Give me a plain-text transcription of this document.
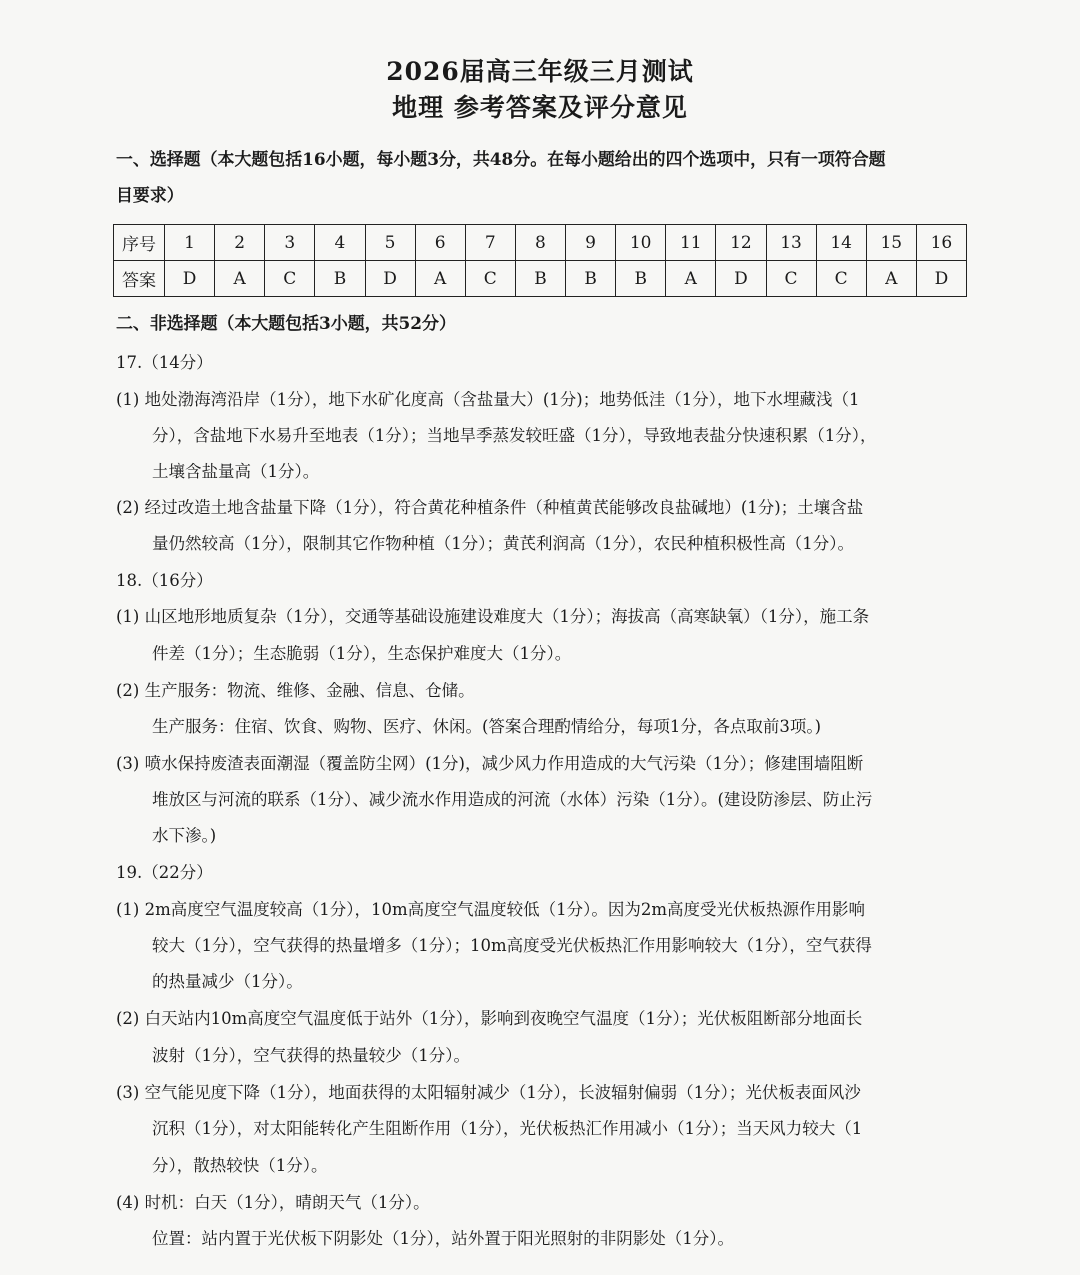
2026届高三年级三月测试
地理 参考答案及评分意见
一、选择题（本大题包括16小题，每小题3分，共48分。在每小题给出的四个选项中，只有一项符合题
目要求）
序号	1	2	3	4	5	6	7	8	9	10	11	12	13	14	15	16
答案	D	A	C	B	D	A	C	B	B	B	A	D	C	C	A	D
二、非选择题（本大题包括3小题，共52分）
17.（14分）
(1) 地处渤海湾沿岸（1分），地下水矿化度高（含盐量大）(1分)；地势低洼（1分），地下水埋藏浅（1
分），含盐地下水易升至地表（1分）；当地旱季蒸发较旺盛（1分），导致地表盐分快速积累（1分），
土壤含盐量高（1分）。
(2) 经过改造土地含盐量下降（1分），符合黄花种植条件（种植黄芪能够改良盐碱地）(1分)；土壤含盐
量仍然较高（1分），限制其它作物种植（1分）；黄芪利润高（1分），农民种植积极性高（1分）。
18.（16分）
(1) 山区地形地质复杂（1分），交通等基础设施建设难度大（1分）；海拔高（高寒缺氧）（1分），施工条
件差（1分）；生态脆弱（1分），生态保护难度大（1分）。
(2) 生产服务：物流、维修、金融、信息、仓储。
生产服务：住宿、饮食、购物、医疗、休闲。(答案合理酌情给分，每项1分，各点取前3项。)
(3) 喷水保持废渣表面潮湿（覆盖防尘网）(1分)，减少风力作用造成的大气污染（1分）；修建围墙阻断
堆放区与河流的联系（1分）、减少流水作用造成的河流（水体）污染（1分）。(建设防渗层、防止污
水下渗。)
19.（22分）
(1) 2m高度空气温度较高（1分），10m高度空气温度较低（1分）。因为2m高度受光伏板热源作用影响
较大（1分），空气获得的热量增多（1分）；10m高度受光伏板热汇作用影响较大（1分），空气获得
的热量减少（1分）。
(2) 白天站内10m高度空气温度低于站外（1分），影响到夜晚空气温度（1分）；光伏板阻断部分地面长
波射（1分），空气获得的热量较少（1分）。
(3) 空气能见度下降（1分），地面获得的太阳辐射减少（1分），长波辐射偏弱（1分）；光伏板表面风沙
沉积（1分），对太阳能转化产生阻断作用（1分），光伏板热汇作用减小（1分）；当天风力较大（1
分），散热较快（1分）。
(4) 时机：白天（1分），晴朗天气（1分）。
位置：站内置于光伏板下阴影处（1分），站外置于阳光照射的非阴影处（1分）。
